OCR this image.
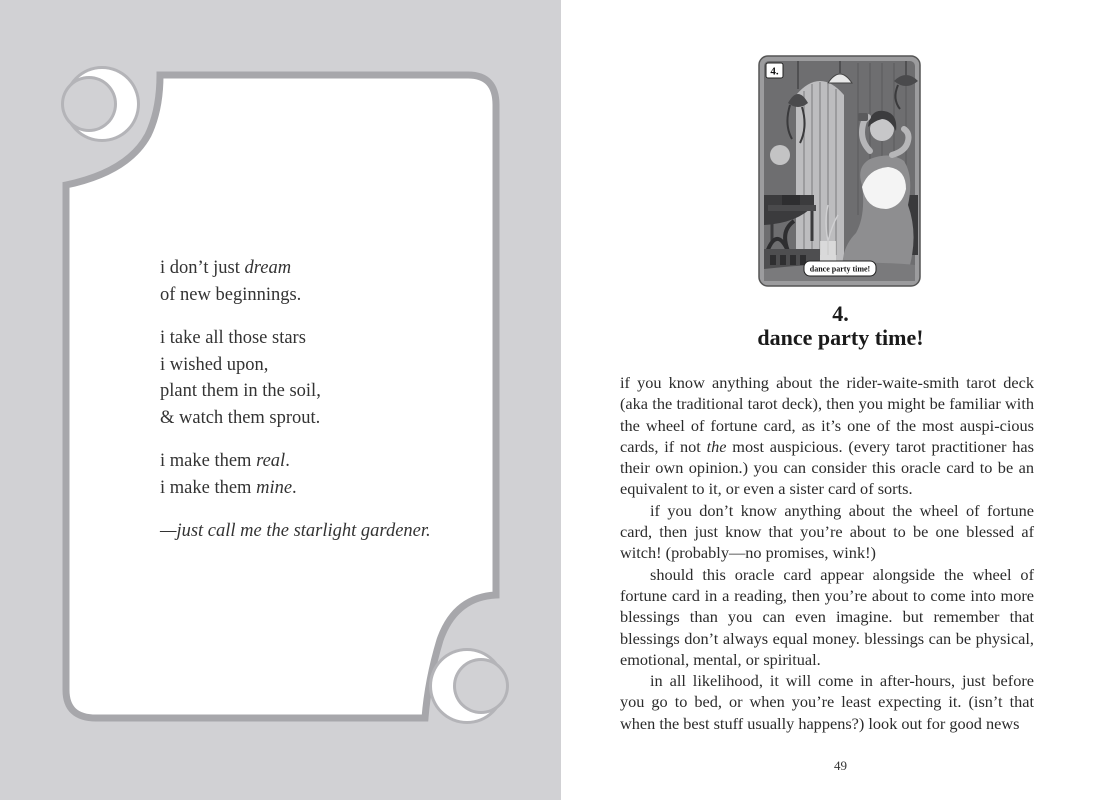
i don’t just dream

of new beginnings.

i take all those stars

i wished upon,

plant them in the soil,

& watch them sprout.

i make them real.

i make them mine.

—just call me the starlight gardener.

4.
dance party time!
4.
dance party time!

if you know anything about the rider-waite-smith tarot deck (aka the traditional tarot deck), then you might be familiar with the wheel of fortune card, as it’s one of the most auspi-cious cards, if not the most auspicious. (every tarot practitioner has their own opinion.) you can consider this oracle card to be an equivalent to it, or even a sister card of sorts.

if you don’t know anything about the wheel of fortune card, then just know that you’re about to be one blessed af witch! (probably—no promises, wink!)

should this oracle card appear alongside the wheel of fortune card in a reading, then you’re about to come into more blessings than you can even imagine. but remember that blessings don’t always equal money. blessings can be physical, emotional, mental, or spiritual.

in all likelihood, it will come in after-hours, just before you go to bed, or when you’re least expecting it. (isn’t that when the best stuff usually happens?) look out for good news

49
